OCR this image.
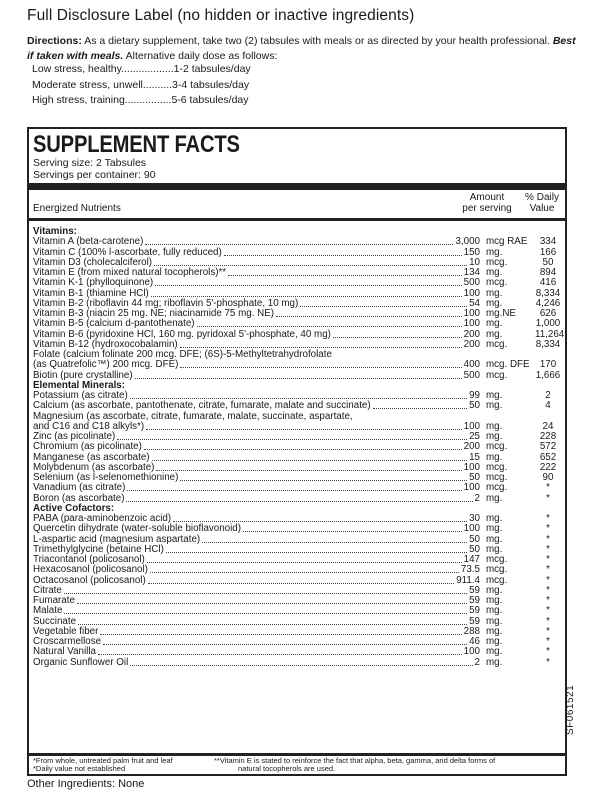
Full Disclosure Label (no hidden or inactive ingredients)
Directions: As a dietary supplement, take two (2) tabsules with meals or as directed by your health professional. Best if taken with meals. Alternative daily dose as follows:
Low stress, healthy..................1-2 tabsules/day
Moderate stress, unwell..........3-4 tabsules/day
High stress, training................5-6 tabsules/day
SUPPLEMENT FACTS
Serving size: 2 Tabsules
Servings per container: 90
Energized Nutrients
Amount
per serving
% Daily
Value
Vitamins:
Vitamin A (beta-carotene)	3,000 mcg RAE	334
Vitamin C (100% l-ascorbate, fully reduced)	150 mg.	166
Vitamin D3 (cholecalciferol)	10 mcg.	50
Vitamin E (from mixed natural tocopherols)**	134 mg.	894
Vitamin K-1 (phylloquinone)	500 mcg.	416
Vitamin B-1 (thiamine HCl)	100 mg.	8,334
Vitamin B-2 (riboflavin 44 mg; riboflavin 5'-phosphate, 10 mg)	54 mg.	4,246
Vitamin B-3 (niacin 25 mg. NE; niacinamide 75 mg. NE)	100 mg.NE	626
Vitamin B-5 (calcium d-pantothenate)	100 mg.	1,000
Vitamin B-6 (pyridoxine HCl, 160 mg. pyridoxal 5'-phosphate, 40 mg)	200 mg.	11,264
Vitamin B-12 (hydroxocobalamin)	200 mcg.	8,334
Folate (calcium folinate 200 mcg. DFE; (6S)-5-Methyltetrahydrofolate
(as Quatrefolic™) 200 mcg. DFE)	400 mcg. DFE	170
Biotin (pure crystalline)	500 mcg.	1,666
Elemental Minerals:
Potassium (as citrate)	99 mg.	2
Calcium (as ascorbate, pantothenate, citrate, fumarate, malate and succinate)	50 mg.	4
Magnesium (as ascorbate, citrate, fumarate, malate, succinate, aspartate,
and C16 and C18 alkyls*)	100 mg.	24
Zinc (as picolinate)	25 mg.	228
Chromium (as picolinate)	200 mcg.	572
Manganese (as ascorbate)	15 mg.	652
Molybdenum (as ascorbate)	100 mcg.	222
Selenium (as l-selenomethionine)	50 mcg.	90
Vanadium (as citrate)	100 mcg.	*
Boron (as ascorbate)	2 mg.	*
Active Cofactors:
PABA (para-aminobenzoic acid)	30 mg.	*
Quercetin dihydrate (water-soluble bioflavonoid)	100 mg.	*
L-aspartic acid (magnesium aspartate)	50 mg.	*
Trimethylglycine (betaine HCl)	50 mg.	*
Triacontanol (policosanol)	147 mcg.	*
Hexacosanol (policosanol)	73.5 mcg.	*
Octacosanol (policosanol)	911.4 mcg.	*
Citrate	59 mg.	*
Fumarate	59 mg.	*
Malate	59 mg.	*
Succinate	59 mg.	*
Vegetable fiber	288 mg.	*
Croscarmellose	46 mg.	*
Natural Vanilla	100 mg.	*
Organic Sunflower Oil	2 mg.	*
*From whole, untreated palm fruit and leaf
*Daily value not established
**Vitamin E is stated to reinforce the fact that alpha, beta, gamma, and delta forms of
natural tocopherols are used.
SF061521
Other Ingredients: None
